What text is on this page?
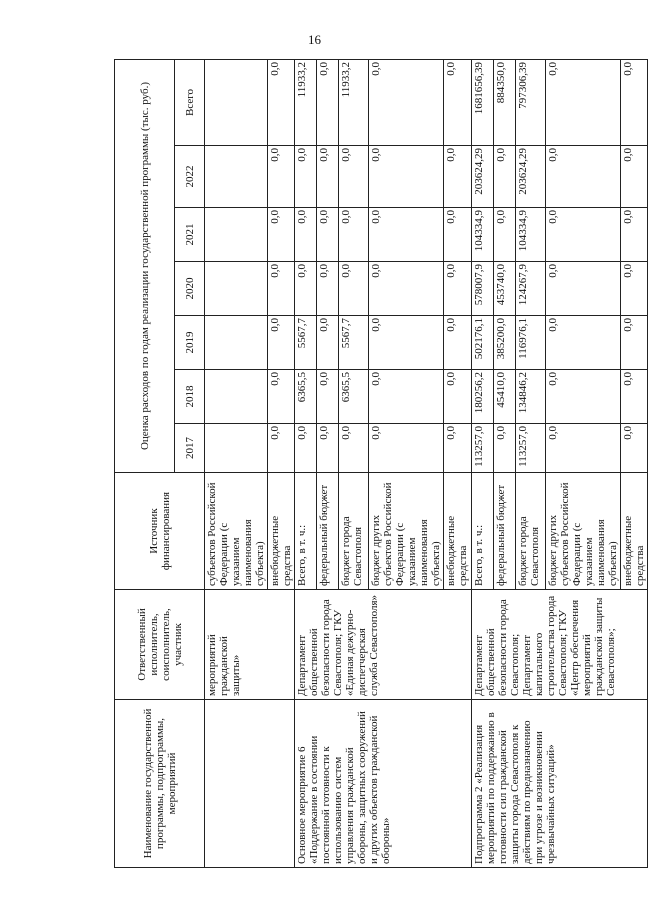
16
Наименование государственной программы, подпрограммы, мероприятий	Ответственный исполнитель, соисполнитель, участник	Источник финансирования	Оценка расходов по годам реализации государственной программы (тыс. руб.)						
			2017	2018	2019	2020	2021	2022	Всего
	мероприятий гражданской защиты»	субъектов Российской Федерации (с указанием наименования субъекта)							
		внебюджетные средства	0,0	0,0	0,0	0,0	0,0	0,0	0,0
Основное мероприятие 6 «Поддержание в состоянии постоянной готовности к использованию систем управления гражданской обороны, защитных сооружений и других объектов гражданской обороны»	Департамент общественной безопасности города Севастополя; ГКУ «Единая дежурно-диспетчерская служба Севастополя»	Всего, в т. ч.:	0,0	6365,5	5567,7	0,0	0,0	0,0	11933,2
		федеральный бюджет	0,0	0,0	0,0	0,0	0,0	0,0	0,0
		бюджет города Севастополя	0,0	6365,5	5567,7	0,0	0,0	0,0	11933,2
		бюджет других субъектов Российской Федерации (с указанием наименования субъекта)	0,0	0,0	0,0	0,0	0,0	0,0	0,0
		внебюджетные средства	0,0	0,0	0,0	0,0	0,0	0,0	0,0
Подпрограмма 2 «Реализация мероприятий по поддержанию в готовности сил гражданской защиты города Севастополя к действиям по предназначению при угрозе и возникновении чрезвычайных ситуаций»	Департамент общественной безопасности города Севастополя; Департамент капитального строительства города Севастополя; ГКУ «Центр обеспечения мероприятий гражданской защиты Севастополя»;	Всего, в т. ч.:	113257,0	180256,2	502176,1	578007,9	104334,9	203624,29	1681656,39
		федеральный бюджет	0,0	45410,0	385200,0	453740,0	0,0	0,0	884350,0
		бюджет города Севастополя	113257,0	134846,2	116976,1	124267,9	104334,9	203624,29	797306,39
		бюджет других субъектов Российской Федерации (с указанием наименования субъекта)	0,0	0,0	0,0	0,0	0,0	0,0	0,0
		внебюджетные средства	0,0	0,0	0,0	0,0	0,0	0,0	0,0
